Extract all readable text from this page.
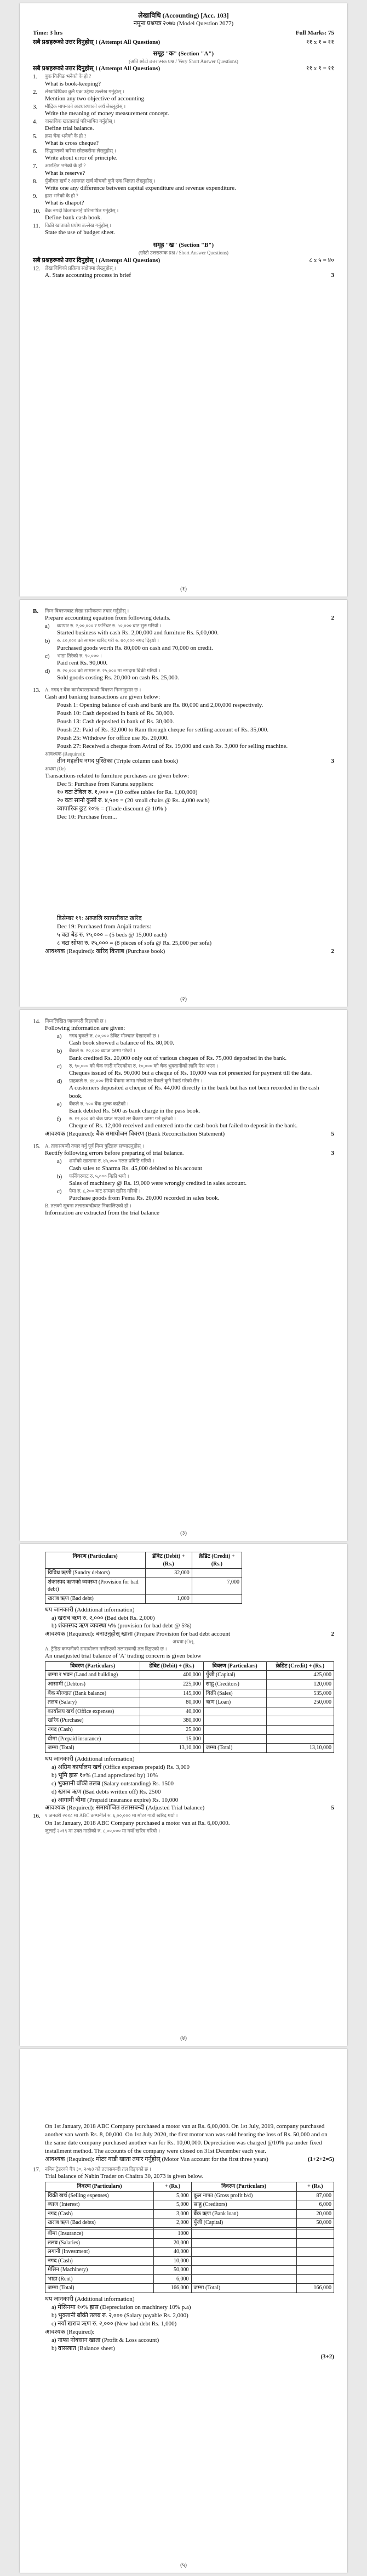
लेखाविधि (Accounting) [Acc. 103]
नमूना प्रश्नपत्र २०७७ (Model Question 2077)
Time: 3 hrs	Full Marks: 75
सबै प्रश्नहरूको उत्तर दिनुहोस् । (Attempt All Questions)	११ x १ = ११
समूह "क" (Section "A")
(अति छोटो उत्तरात्मक प्रश्न / Very Short Answer Questions)
सबै प्रश्नहरूको उत्तर दिनुहोस् । (Attempt All Questions)	११ x १ = ११
1.	बुक किपिङ भनेको के हो ?
What is book-keeping?
2.	लेखाविधिका कुनै एक उद्देश्य उल्लेख गर्नुहोस् ।
Mention any two objective of accounting.
3.	मौद्रिक मापनको अवधारणाको अर्थ लेख्नुहोस् ।
Write the meaning of money measurement concept.
4.	वास्तविक खातालाई परिभाषित गर्नुहोस् ।
Define trial balance.
5.	क्रस चेक भनेको के हो ?
What is cross cheque?
6.	सिद्धान्तको बारेमा छोटकरीमा लेख्नुहोस् ।
Write about error of principle.
7.	आरक्षित भनेको के हो ?
What is reserve?
8.	पुँजीगत खर्च र आयगत खर्च बीचको कुनै एक भिन्नता लेख्नुहोस् ।
Write one any difference between capital expenditure and revenue expenditure.
9.	ह्रास भनेको के हो ?
What is dhapot?
10. बैंक नगदी किताबलाई परिभाषित गर्नुहोस् ।
Define bank cash book.
11. विक्री खाताको प्रयोग उल्लेख गर्नुहोस् ।
State the use of budget sheet.
समूह "ख" (Section "B")
(छोटो उत्तरात्मक प्रश्न / Short Answer Questions)
सबै प्रश्नहरूको उत्तर दिनुहोस् । (Attempt All Questions)	८ x ५ = ४०
12. लेखाविधिको प्रक्रिया संक्षेपमा लेख्नुहोस् ।
A. State accounting process in brief	3
(१)
B.	निम्न विवरणबाट लेखा समीकरण तयार गर्नुहोस् ।
Prepare accounting equation from following details.	2
a)	व्यापार रु. २,००,००० र फर्निचर रु. ५०,००० बाट सुरु गरियो ।
Started business with cash Rs. 2,00,000 and furniture Rs. 5,00,000.
b)	रु. ८०,००० को सामान खरिद गरी रु. ७०,००० नगद दिइयो ।
Purchased goods worth Rs. 80,000 on cash and 70,000 on credit.
c)	भाडा तिरेको रु. ९०,००० ।
Paid rent Rs. 90,000.
d)	रु. २०,००० को सामान रु. २५,००० मा नगदमा बिक्री गरियो ।
Sold goods costing Rs. 20,000 on cash Rs. 25,000.
13. A. नगद र बैंक कारोबारसम्बन्धी विवरण निम्नानुसार छ ।
Cash and banking transactions are given below:
Poush 1: Opening balance of cash and bank are Rs. 80,000 and 2,00,000 respectively.
Poush 10: Cash deposited in bank of Rs. 30,000.
Poush 13: Cash deposited in bank of Rs. 30,000.
Poush 22: Paid of Rs. 32,000 to Ram through cheque for settling account of Rs. 35,000.
Poush 25: Withdrew for office use Rs. 20,000.
Poush 27: Received a cheque from Avirul of Rs. 19,000 and cash Rs. 3,000 for selling machine.
आवश्यक (Required):
तीन महलीय नगद पुस्तिका (Triple column cash book)	3
अथवा (Or)
Transactions related to furniture purchases are given below:
Dec 5: Purchase from Karuna suppliers:
१० वटा टेबिल रु. १,००० = (10 coffee tables for Rs. 1,00,000)
२० वटा सानो कुर्सी रु. ४,५०० = (20 small chairs @ Rs. 4,000 each)
व्यापारिक छुट १०% = (Trade discount @ 10% )
Dec 10: Purchase from...
डिसेम्बर १९: अञ्जलि व्यापारीबाट खरिद
Dec 19: Purchased from Anjali traders:
५ वटा बेड रु. १५,००० = (5 beds @ 15,000 each)
८ वटा सोफा रु. २५,००० = (8 pieces of sofa @ Rs. 25,000 per sofa)
आवश्यक (Required): खरिद किताब (Purchase book)	2
(२)
14. निम्नलिखित जानकारी दिइएको छ ।
Following information are given:
a)	नगद बुकले रु. ८०,००० डेबिट मौज्दात देखाएको छ ।
Cash book showed a balance of Rs. 80,000.
b)	बैंकले रु. २०,००० ब्याज जम्मा गरेको ।
Bank credited Rs. 20,000 only out of various cheques of Rs. 75,000 deposited in the bank.
c)	रु. ९०,००० को चेक जारी गरिएकोमा रु. १०,००० को चेक भुक्तानीको लागि पेस भएन ।
Cheques issued of Rs. 90,000 but a cheque of Rs. 10,000 was not presented for payment till the date.
d)	ग्राहकले रु. ४४,००० सिधै बैंकमा जम्मा गरेको तर बैंकले कुनै रेकर्ड गरेको छैन ।
A customers deposited a cheque of Rs. 44,000 directly in the bank but has not been recorded in the cash book.
e)	बैंकले रु. ५०० बैंक शुल्क काटेको ।
Bank debited Rs. 500 as bank charge in the pass book.
f)	रु. १२,००० को चेक प्राप्त भएको तर बैंकमा जम्मा गर्न छुटेको ।
Cheque of Rs. 12,000 received and entered into the cash book but failed to deposit in the bank.
आवश्यक (Required): बैंक समायोजन विवरण (Bank Reconciliation Statement)	5
15. A. तलासबन्दी तयार गर्नु पूर्व निम्न त्रुटिहरू सच्याउनुहोस् ।
Rectify following errors before preparing of trial balance.	3
a)	शर्माको खातामा रु. ४५,००० गलत प्रविष्टि गरियो ।
Cash sales to Sharma Rs. 45,000 debited to his account
b)	फर्निचरबाट रु. ५,००० बिक्री भयो ।
Sales of machinery @ Rs. 19,000 were wrongly credited in sales account.
c)	पेमा रु. ८,२०० बाट सामान खरिद गरियो ।
Purchase goods from Pema Rs. 20,000 recorded in sales book.
B. तलको सूचना तलासबन्दीबाट निकालिएको हो ।
Information are extracted from the trial balance
(३)
विवरण (Particulars)	डेबिट (Debit) + (Rs.)	क्रेडिट (Credit) + (Rs.)
विविध ऋणी (Sundry debtors)	32,000	
शंकास्पद ऋणको व्यवस्था (Provision for bad debt)		7,000
खराब ऋण (Bad debt)	1,000	
थप जानकारी (Additional information)
a) खराब ऋण रु. २,००० (Bad debt Rs. 2,000)
b) शंकास्पद ऋण व्यवस्था ५% (provision for bad debt @ 5%)
आवश्यक (Required): बनाउनुहोस् खाता (Prepare Provision for bad debt account	2
अथवा (Or),
A. ट्रेडिङ कम्पनीको समायोजन नगरिएको तलासबन्दी तल दिइएको छ ।
An unadjusted trial balance of 'A' trading concern is given below
विवरण (Particulars)	डेबिट (Debit) + (Rs.)	विवरण (Particulars)	क्रेडिट (Credit) + (Rs.)
जग्गा र भवन (Land and building)	400,000	पुँजी (Capital)	425,000
आसामी (Debtors)	225,000	साहु (Creditors)	120,000
बैंक मौज्दात (Bank balance)	145,000	बिक्री (Sales)	535,000
तलब (Salary)	80,000	ऋण (Loan)	250,000
कार्यालय खर्च (Office expenses)	40,000		
खरिद (Purchase)	380,000		
नगद (Cash)	25,000		
बीमा (Prepaid insurance)	15,000		
जम्मा (Total)	13,10,000	जम्मा (Total)	13,10,000
थप जानकारी (Additional information)
a) अग्रिम कार्यालय खर्च (Office expenses prepaid) Rs. 3,000
b) भूमि ह्रास १०% (Land appreciated by) 10%
c) भुक्तानी बाँकी तलब (Salary outstanding) Rs. 1500
d) खराब ऋण (Bad debts written off) Rs. 2500
e) आगामी बीमा (Prepaid insurance expire) Rs. 10,000
आवश्यक (Required): समायोजित तलासबन्दी (Adjusted Trial balance)	5
16. १ जनवरी २०१८ मा ABC कम्पनीले रु. ६,००,००० मा मोटर गाडी खरिद गर्यो ।
On 1st January, 2018 ABC Company purchased a motor van at Rs. 6,00,000.
जुलाई २०१९ मा उक्त गाडीको रु. ८,००,००० मा नयाँ खरिद गरियो ।
(४)
On 1st January, 2018 ABC Company purchased a motor van at Rs. 6,00,000. On 1st July, 2019, company purchased another van worth Rs. 8, 00,000. On 1st July 2020, the first motor van was sold bearing the loss of Rs. 50,000 and on the same date company purchased another van for Rs. 10,00,000. Depreciation was charged @10% p.a under fixed installment method. The accounts of the company were closed on 31st December each year.
आवश्यक (Required): मोटर गाडी खाता तयार गर्नुहोस् (Motor Van account for the first three years)	(1+2+2=5)
17. नबिन ट्रेडरको चैत्र ३०, २०७३ को तलासबन्दी तल दिइएको छ ।
Trial balance of Nabin Trader on Chaitra 30, 2073 is given below.
विवरण (Particulars)	+ (Rs.)	विवरण (Particulars)	+ (Rs.)
विक्री खर्च (Selling expenses)	5,000	कुल नाफा (Gross profit b/d)	87,000
ब्याज (Interest)	5,000	साहु (Creditors)	6,000
नगद (Cash)	3,000	बैंक ऋण (Bank loan)	20,000
खराब ऋण (Bad debts)	2,000	पुँजी (Capital)	50,000

बीमा (Insurance)	1000		
तलब (Salaries)	20,000		
लगानी (Investment)	40,000		
नगद (Cash)	10,000		
मेसिन (Machinery)	50,000		
भाडा (Rent)	6,000		
जम्मा (Total)	166,000	जम्मा (Total)	166,000
थप जानकारी (Additional information)
a) मेसिनमा १०% ह्रास (Depreciation on machinery 10% p.a)
b) भुक्तानी बाँकी तलब रु. २,००० (Salary payable Rs. 2,000)
c) नयाँ खराब ऋण रु. २,००० (New bad debt Rs. 1,000)
आवश्यक (Required):
a) नाफा नोक्सान खाता (Profit & Loss account)
b) वासलात (Balance sheet)
(3+2)
(५)
